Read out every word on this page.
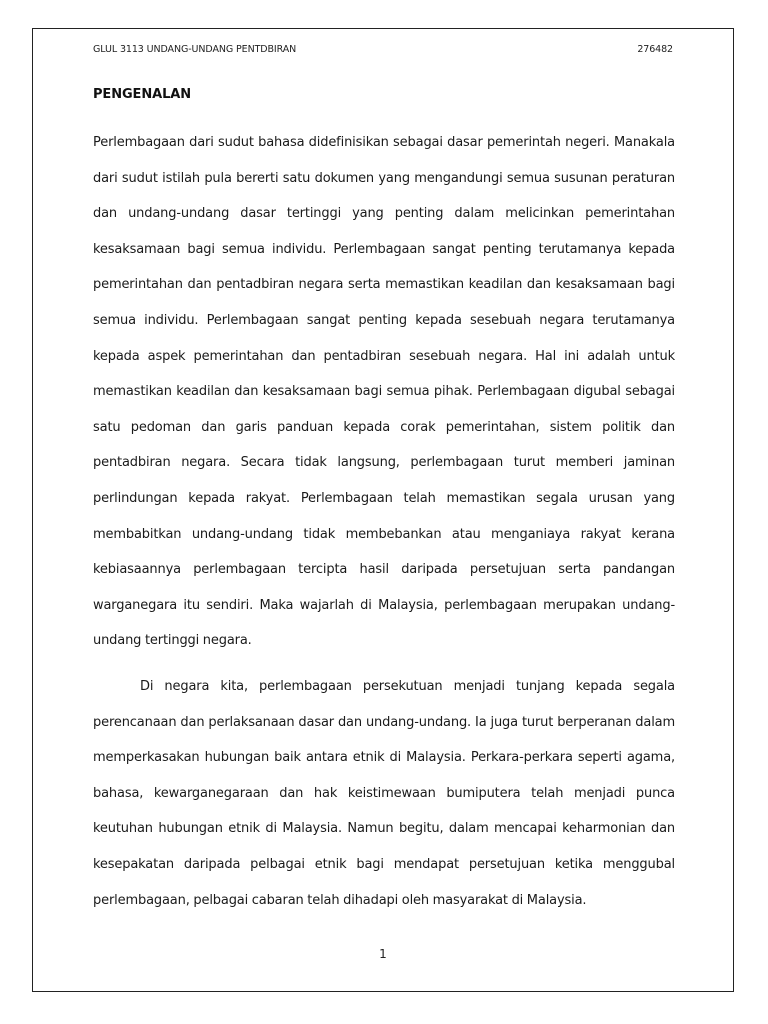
GLUL 3113 UNDANG-UNDANG PENTDBIRAN	276482
PENGENALAN
Perlembagaan dari sudut bahasa didefinisikan sebagai dasar pemerintah negeri. Manakala dari sudut istilah pula bererti satu dokumen yang mengandungi semua susunan peraturan dan undang-undang dasar tertinggi yang penting dalam melicinkan pemerintahan kesaksamaan bagi semua individu. Perlembagaan sangat penting terutamanya kepada pemerintahan dan pentadbiran negara serta memastikan keadilan dan kesaksamaan bagi semua individu. Perlembagaan sangat penting kepada sesebuah negara terutamanya kepada aspek pemerintahan dan pentadbiran sesebuah negara. Hal ini adalah untuk memastikan keadilan dan kesaksamaan bagi semua pihak. Perlembagaan digubal sebagai satu pedoman dan garis panduan kepada corak pemerintahan, sistem politik dan pentadbiran negara. Secara tidak langsung, perlembagaan turut memberi jaminan perlindungan kepada rakyat. Perlembagaan telah memastikan segala urusan yang membabitkan undang-undang tidak membebankan atau menganiaya rakyat kerana kebiasaannya perlembagaan tercipta hasil daripada persetujuan serta pandangan warganegara itu sendiri. Maka wajarlah di Malaysia, perlembagaan merupakan undang-undang tertinggi negara.
Di negara kita, perlembagaan persekutuan menjadi tunjang kepada segala perencanaan dan perlaksanaan dasar dan undang-undang. Ia juga turut berperanan dalam memperkasakan hubungan baik antara etnik di Malaysia. Perkara-perkara seperti agama, bahasa, kewarganegaraan dan hak keistimewaan bumiputera telah menjadi punca keutuhan hubungan etnik di Malaysia. Namun begitu, dalam mencapai keharmonian dan kesepakatan daripada pelbagai etnik bagi mendapat persetujuan ketika menggubal perlembagaan, pelbagai cabaran telah dihadapi oleh masyarakat di Malaysia.
1
